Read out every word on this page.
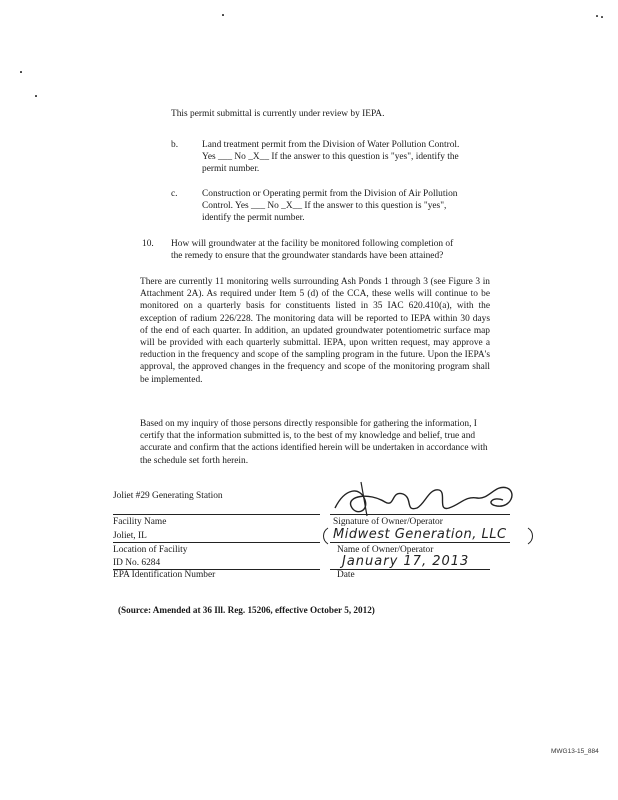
This permit submittal is currently under review by IEPA.
b.	Land treatment permit from the Division of Water Pollution Control.
Yes ___ No _X__ If the answer to this question is "yes", identify the
permit number.
c.	Construction or Operating permit from the Division of Air Pollution
Control. Yes ___ No _X__ If the answer to this question is "yes",
identify the permit number.
10. How will groundwater at the facility be monitored following completion of
the remedy to ensure that the groundwater standards have been attained?
There are currently 11 monitoring wells surrounding Ash Ponds 1 through 3 (see Figure 3 in Attachment 2A). As required under Item 5 (d) of the CCA, these wells will continue to be monitored on a quarterly basis for constituents listed in 35 IAC 620.410(a), with the exception of radium 226/228. The monitoring data will be reported to IEPA within 30 days of the end of each quarter. In addition, an updated groundwater potentiometric surface map will be provided with each quarterly submittal. IEPA, upon written request, may approve a reduction in the frequency and scope of the sampling program in the future. Upon the IEPA's approval, the approved changes in the frequency and scope of the monitoring program shall be implemented.
Based on my inquiry of those persons directly responsible for gathering the information, I certify that the information submitted is, to the best of my knowledge and belief, true and accurate and confirm that the actions identified herein will be undertaken in accordance with the schedule set forth herein.
Joliet #29 Generating Station
Facility Name
Joliet, IL
Location of Facility
ID No. 6284
EPA Identification Number
Signature of Owner/Operator
Midwest Generation, LLC
Name of Owner/Operator
January 17, 2013
Date
(Source: Amended at 36 Ill. Reg. 15206, effective October 5, 2012)
MWG13-15_884
